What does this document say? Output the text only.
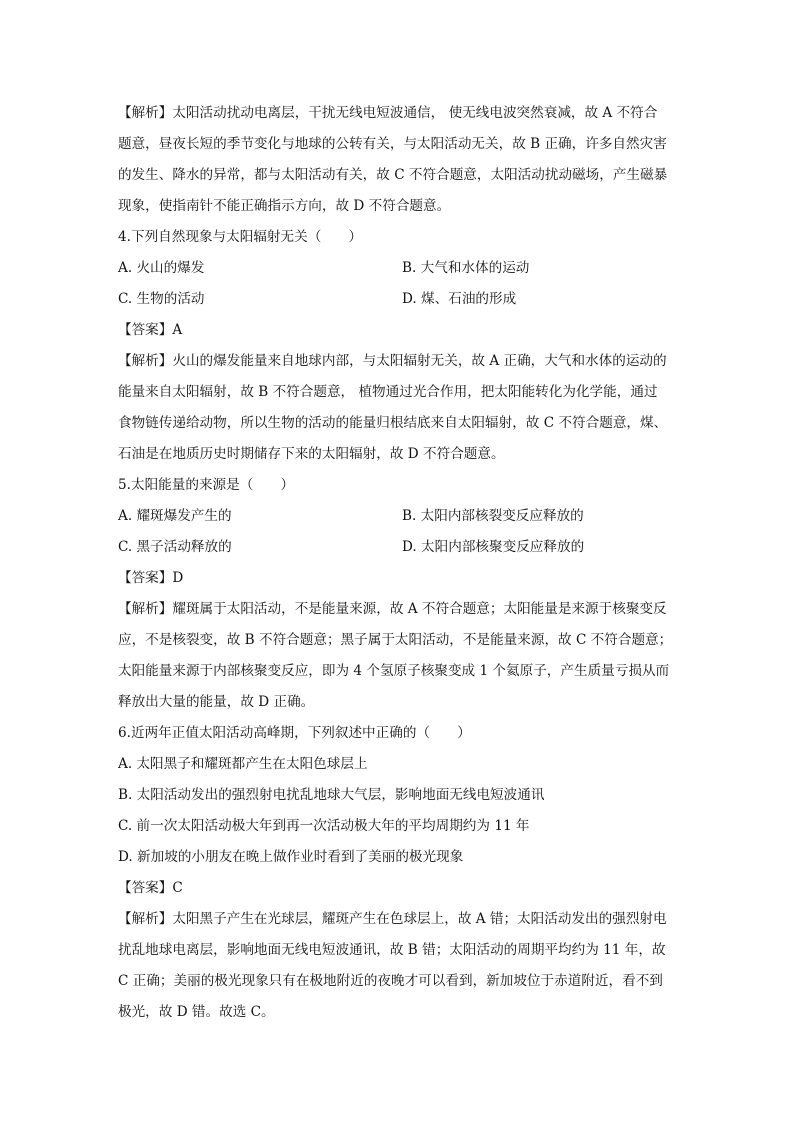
【解析】太阳活动扰动电离层，干扰无线电短波通信， 使无线电波突然衰减，故 A 不符合
题意，昼夜长短的季节变化与地球的公转有关，与太阳活动无关，故 B 正确，许多自然灾害
的发生、降水的异常，都与太阳活动有关，故 C 不符合题意，太阳活动扰动磁场，产生磁暴
现象，使指南针不能正确指示方向，故 D 不符合题意。
4.下列自然现象与太阳辐射无关（　　）
A. 火山的爆发	B. 大气和水体的运动
C. 生物的活动	D. 煤、石油的形成
【答案】A
【解析】火山的爆发能量来自地球内部，与太阳辐射无关，故 A 正确，大气和水体的运动的
能量来自太阳辐射，故 B 不符合题意， 植物通过光合作用，把太阳能转化为化学能，通过
食物链传递给动物，所以生物的活动的能量归根结底来自太阳辐射，故 C 不符合题意，煤、
石油是在地质历史时期储存下来的太阳辐射，故 D 不符合题意。
5.太阳能量的来源是（　　）
A. 耀斑爆发产生的	B. 太阳内部核裂变反应释放的
C. 黑子活动释放的	D. 太阳内部核聚变反应释放的
【答案】D
【解析】耀斑属于太阳活动，不是能量来源，故 A 不符合题意；太阳能量是来源于核聚变反
应，不是核裂变，故 B 不符合题意；黑子属于太阳活动，不是能量来源，故 C 不符合题意；
太阳能量来源于内部核聚变反应，即为 4 个氢原子核聚变成 1 个氦原子，产生质量亏损从而
释放出大量的能量，故 D 正确。
6.近两年正值太阳活动高峰期，下列叙述中正确的（　　）
A. 太阳黑子和耀斑都产生在太阳色球层上
B. 太阳活动发出的强烈射电扰乱地球大气层，影响地面无线电短波通讯
C. 前一次太阳活动极大年到再一次活动极大年的平均周期约为 11 年
D. 新加坡的小朋友在晚上做作业时看到了美丽的极光现象
【答案】C
【解析】太阳黑子产生在光球层，耀斑产生在色球层上，故 A 错；太阳活动发出的强烈射电
扰乱地球电离层，影响地面无线电短波通讯，故 B 错；太阳活动的周期平均约为 11 年，故
C 正确；美丽的极光现象只有在极地附近的夜晚才可以看到，新加坡位于赤道附近，看不到
极光，故 D 错。故选 C。
